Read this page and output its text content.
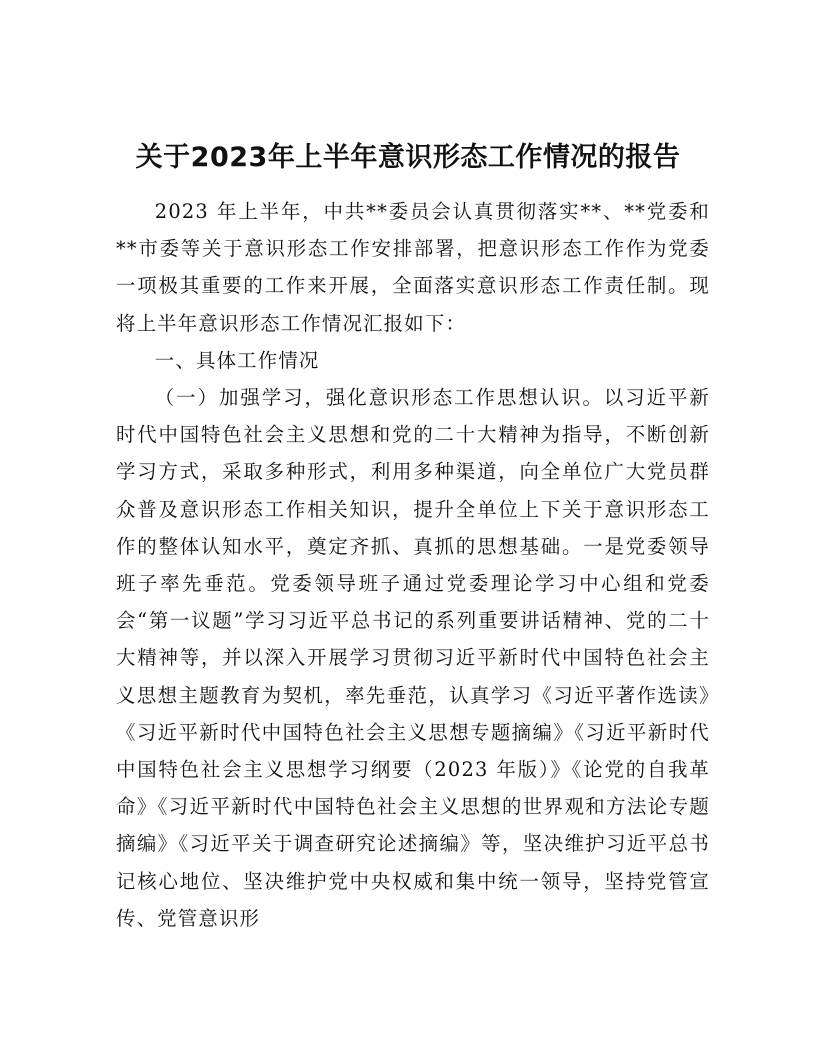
关于2023年上半年意识形态工作情况的报告

2023 年上半年，中共**委员会认真贯彻落实**、**党委和**市委等关于意识形态工作安排部署，把意识形态工作作为党委一项极其重要的工作来开展，全面落实意识形态工作责任制。现将上半年意识形态工作情况汇报如下：

一、具体工作情况

（一）加强学习，强化意识形态工作思想认识。以习近平新时代中国特色社会主义思想和党的二十大精神为指导，不断创新学习方式，采取多种形式，利用多种渠道，向全单位广大党员群众普及意识形态工作相关知识，提升全单位上下关于意识形态工作的整体认知水平，奠定齐抓、真抓的思想基础。一是党委领导班子率先垂范。党委领导班子通过党委理论学习中心组和党委会“第一议题”学习习近平总书记的系列重要讲话精神、党的二十大精神等，并以深入开展学习贯彻习近平新时代中国特色社会主义思想主题教育为契机，率先垂范，认真学习《习近平著作选读》《习近平新时代中国特色社会主义思想专题摘编》《习近平新时代中国特色社会主义思想学习纲要（2023 年版）》《论党的自我革命》《习近平新时代中国特色社会主义思想的世界观和方法论专题摘编》《习近平关于调查研究论述摘编》等，坚决维护习近平总书记核心地位、坚决维护党中央权威和集中统一领导，坚持党管宣传、党管意识形
